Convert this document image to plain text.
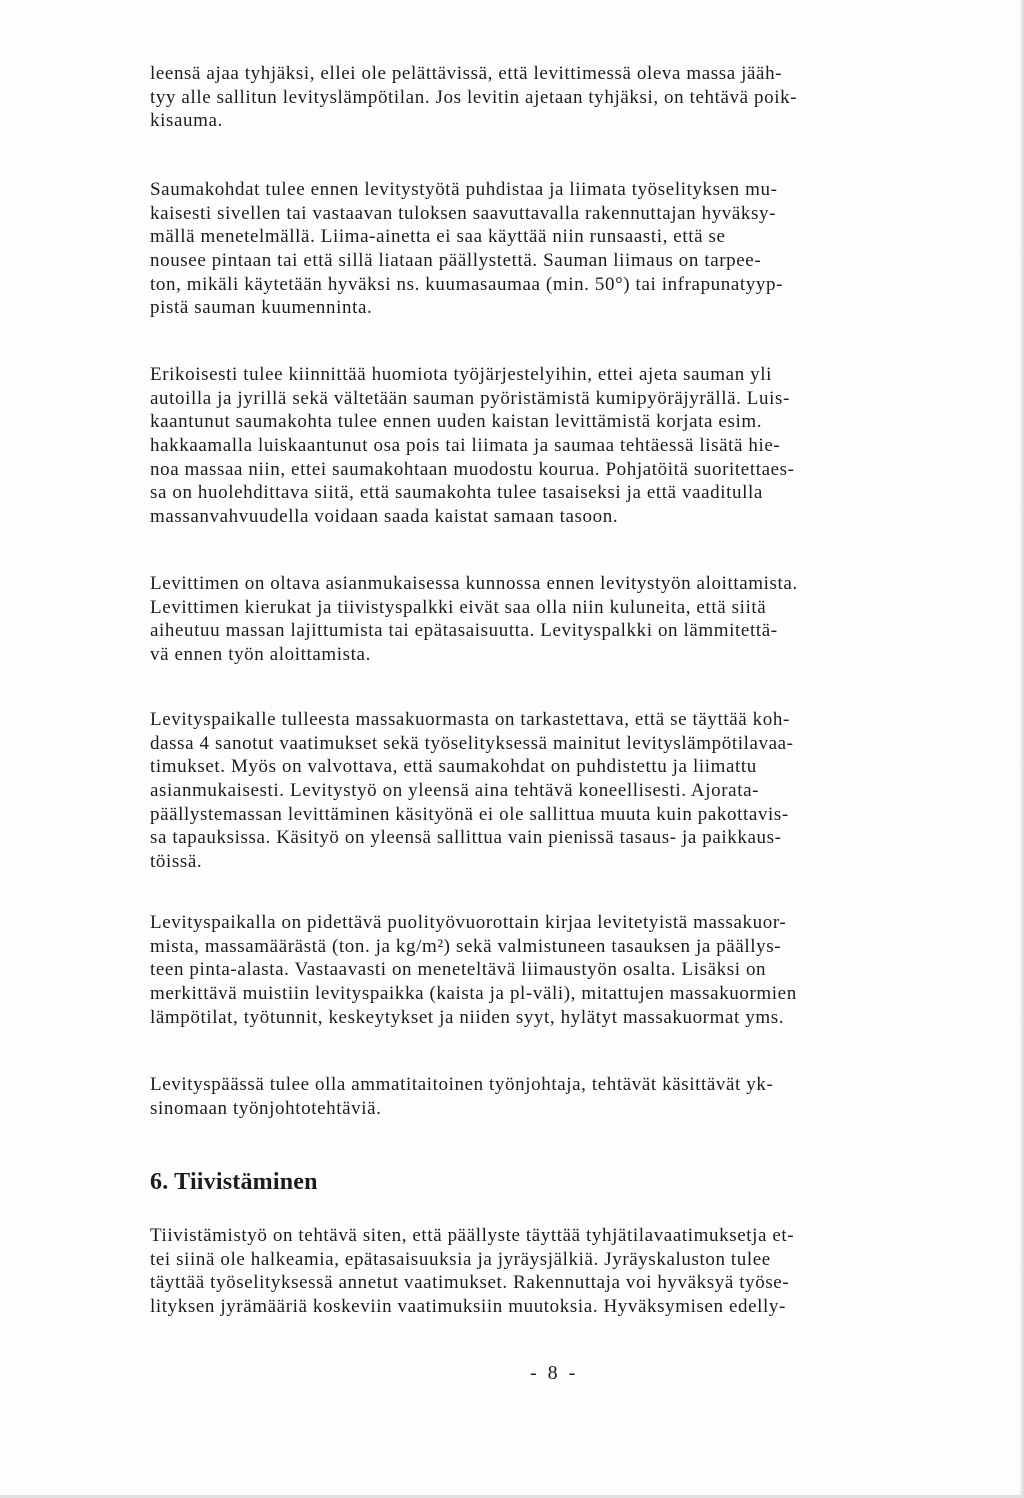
leensä ajaa tyhjäksi, ellei ole pelättävissä, että levittimessä oleva massa jääh-
tyy alle sallitun levityslämpötilan. Jos levitin ajetaan tyhjäksi, on tehtävä poik-
kisauma.

Saumakohdat tulee ennen levitystyötä puhdistaa ja liimata työselityksen mu-
kaisesti sivellen tai vastaavan tuloksen saavuttavalla rakennuttajan hyväksy-
mällä menetelmällä. Liima-ainetta ei saa käyttää niin runsaasti, että se
nousee pintaan tai että sillä liataan päällystettä. Sauman liimaus on tarpee-
ton, mikäli käytetään hyväksi ns. kuumasaumaa (min. 50°) tai infrapunatyyp-
pistä sauman kuumenninta.

Erikoisesti tulee kiinnittää huomiota työjärjestelyihin, ettei ajeta sauman yli
autoilla ja jyrillä sekä vältetään sauman pyöristämistä kumipyöräjyrällä. Luis-
kaantunut saumakohta tulee ennen uuden kaistan levittämistä korjata esim.
hakkaamalla luiskaantunut osa pois tai liimata ja saumaa tehtäessä lisätä hie-
noa massaa niin, ettei saumakohtaan muodostu kourua. Pohjatöitä suoritettaes-
sa on huolehdittava siitä, että saumakohta tulee tasaiseksi ja että vaaditulla
massanvahvuudella voidaan saada kaistat samaan tasoon.

Levittimen on oltava asianmukaisessa kunnossa ennen levitystyön aloittamista.
Levittimen kierukat ja tiivistyspalkki eivät saa olla niin kuluneita, että siitä
aiheutuu massan lajittumista tai epätasaisuutta. Levityspalkki on lämmitettä-
vä ennen työn aloittamista.

Levityspaikalle tulleesta massakuormasta on tarkastettava, että se täyttää koh-
dassa 4 sanotut vaatimukset sekä työselityksessä mainitut levityslämpötilavaa-
timukset. Myös on valvottava, että saumakohdat on puhdistettu ja liimattu
asianmukaisesti. Levitystyö on yleensä aina tehtävä koneellisesti. Ajorata-
päällystemassan levittäminen käsityönä ei ole sallittua muuta kuin pakottavis-
sa tapauksissa. Käsityö on yleensä sallittua vain pienissä tasaus- ja paikkaus-
töissä.

Levityspaikalla on pidettävä puolityövuorottain kirjaa levitetyistä massakuor-
mista, massamäärästä (ton. ja kg/m²) sekä valmistuneen tasauksen ja päällys-
teen pinta-alasta. Vastaavasti on meneteltävä liimaustyön osalta. Lisäksi on
merkittävä muistiin levityspaikka (kaista ja pl-väli), mitattujen massakuormien
lämpötilat, työtunnit, keskeytykset ja niiden syyt, hylätyt massakuormat yms.

Levityspäässä tulee olla ammatitaitoinen työnjohtaja, tehtävät käsittävät yk-
sinomaan työnjohtotehtäviä.

6. Tiivistäminen

Tiivistämistyö on tehtävä siten, että päällyste täyttää tyhjätilavaatimuksetja et-
tei siinä ole halkeamia, epätasaisuuksia ja jyräysjälkiä. Jyräyskaluston tulee
täyttää työselityksessä annetut vaatimukset. Rakennuttaja voi hyväksyä työse-
lityksen jyrämääriä koskeviin vaatimuksiin muutoksia. Hyväksymisen edelly-

- 8 -
